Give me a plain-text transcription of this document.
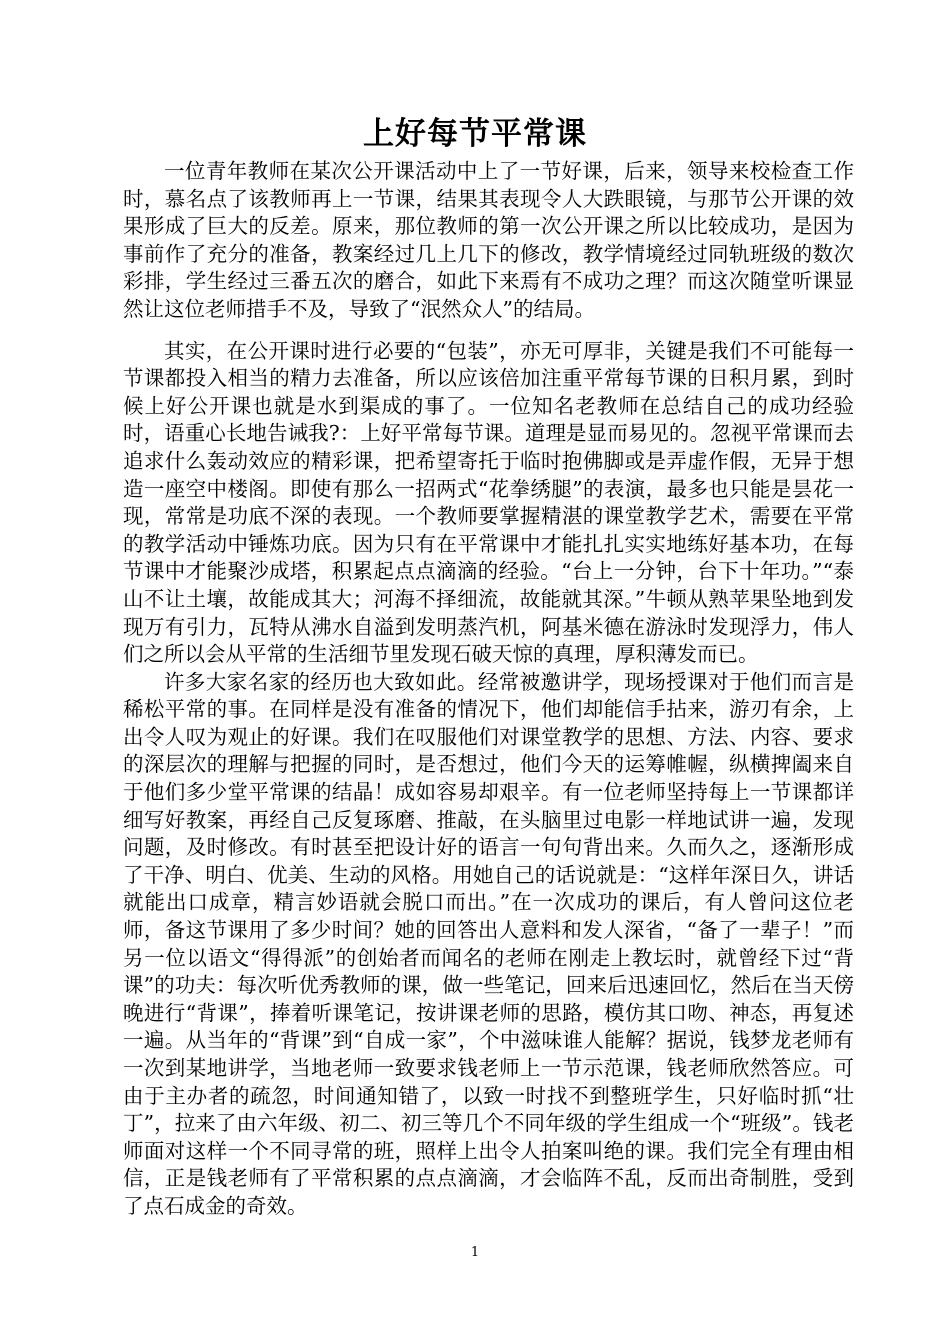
上好每节平常课

一位青年教师在某次公开课活动中上了一节好课，后来，领导来校检查工作时，慕名点了该教师再上一节课，结果其表现令人大跌眼镜，与那节公开课的效果形成了巨大的反差。原来，那位教师的第一次公开课之所以比较成功，是因为事前作了充分的准备，教案经过几上几下的修改，教学情境经过同轨班级的数次彩排，学生经过三番五次的磨合，如此下来焉有不成功之理？而这次随堂听课显然让这位老师措手不及，导致了“泯然众人”的结局。

其实，在公开课时进行必要的“包装”，亦无可厚非，关键是我们不可能每一节课都投入相当的精力去准备，所以应该倍加注重平常每节课的日积月累，到时候上好公开课也就是水到渠成的事了。一位知名老教师在总结自己的成功经验时，语重心长地告诫我?：上好平常每节课。道理是显而易见的。忽视平常课而去追求什么轰动效应的精彩课，把希望寄托于临时抱佛脚或是弄虚作假，无异于想造一座空中楼阁。即使有那么一招两式“花拳绣腿”的表演，最多也只能是昙花一现，常常是功底不深的表现。一个教师要掌握精湛的课堂教学艺术，需要在平常的教学活动中锤炼功底。因为只有在平常课中才能扎扎实实地练好基本功，在每节课中才能聚沙成塔，积累起点点滴滴的经验。“台上一分钟，台下十年功。”“泰山不让土壤，故能成其大；河海不择细流，故能就其深。”牛顿从熟苹果坠地到发现万有引力，瓦特从沸水自溢到发明蒸汽机，阿基米德在游泳时发现浮力，伟人们之所以会从平常的生活细节里发现石破天惊的真理，厚积薄发而已。

许多大家名家的经历也大致如此。经常被邀讲学，现场授课对于他们而言是稀松平常的事。在同样是没有准备的情况下，他们却能信手拈来，游刃有余，上出令人叹为观止的好课。我们在叹服他们对课堂教学的思想、方法、内容、要求的深层次的理解与把握的同时，是否想过，他们今天的运筹帷幄，纵横捭阖来自于他们多少堂平常课的结晶！成如容易却艰辛。有一位老师坚持每上一节课都详细写好教案，再经自己反复琢磨、推敲，在头脑里过电影一样地试讲一遍，发现问题，及时修改。有时甚至把设计好的语言一句句背出来。久而久之，逐渐形成了干净、明白、优美、生动的风格。用她自己的话说就是：“这样年深日久，讲话就能出口成章，精言妙语就会脱口而出。”在一次成功的课后，有人曾问这位老师，备这节课用了多少时间？她的回答出人意料和发人深省，“备了一辈子！”而另一位以语文“得得派”的创始者而闻名的老师在刚走上教坛时，就曾经下过“背课”的功夫：每次听优秀教师的课，做一些笔记，回来后迅速回忆，然后在当天傍晚进行“背课”，捧着听课笔记，按讲课老师的思路，模仿其口吻、神态，再复述一遍。从当年的“背课”到“自成一家”，个中滋味谁人能解？据说，钱梦龙老师有一次到某地讲学，当地老师一致要求钱老师上一节示范课，钱老师欣然答应。可由于主办者的疏忽，时间通知错了，以致一时找不到整班学生，只好临时抓“壮丁”，拉来了由六年级、初二、初三等几个不同年级的学生组成一个“班级”。钱老师面对这样一个不同寻常的班，照样上出令人拍案叫绝的课。我们完全有理由相信，正是钱老师有了平常积累的点点滴滴，才会临阵不乱，反而出奇制胜，受到了点石成金的奇效。

1
